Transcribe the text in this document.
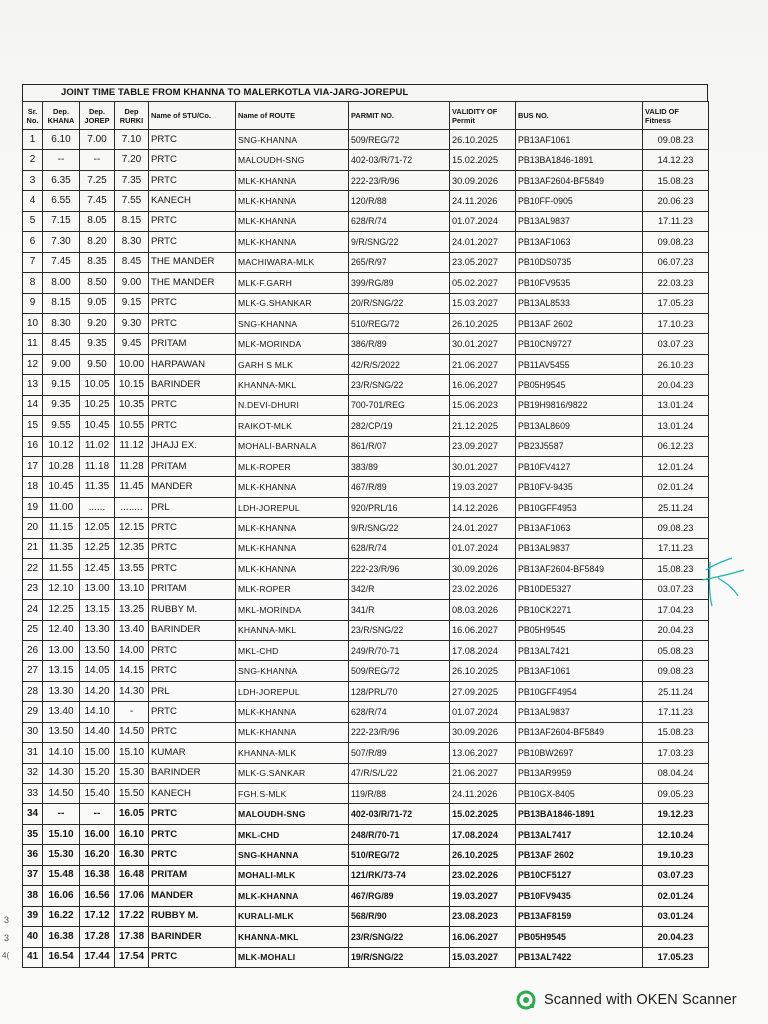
JOINT TIME TABLE FROM KHANNA TO MALERKOTLA VIA-JARG-JOREPUL
Sr. No.	Dep. KHANA	Dep. JOREP	Dep RURKI	Name of STU/Co.	Name of ROUTE	PARMIT NO.	VALIDITY OF Permit	BUS NO.	VALID OF Fitness
1	6.10	7.00	7.10	PRTC	SNG-KHANNA	509/REG/72	26.10.2025	PB13AF1061	09.08.23
2	--	--	7.20	PRTC	MALOUDH-SNG	402-03/R/71-72	15.02.2025	PB13BA1846-1891	14.12.23
3	6.35	7.25	7.35	PRTC	MLK-KHANNA	222-23/R/96	30.09.2026	PB13AF2604-BF5849	15.08.23
4	6.55	7.45	7.55	KANECH	MLK-KHANNA	120/R/88	24.11.2026	PB10FF-0905	20.06.23
5	7.15	8.05	8.15	PRTC	MLK-KHANNA	628/R/74	01.07.2024	PB13AL9837	17.11.23
6	7.30	8.20	8.30	PRTC	MLK-KHANNA	9/R/SNG/22	24.01.2027	PB13AF1063	09.08.23
7	7.45	8.35	8.45	THE MANDER	MACHIWARA-MLK	265/R/97	23.05.2027	PB10DS0735	06.07.23
8	8.00	8.50	9.00	THE MANDER	MLK-F.GARH	399/RG/89	05.02.2027	PB10FV9535	22.03.23
9	8.15	9.05	9.15	PRTC	MLK-G.SHANKAR	20/R/SNG/22	15.03.2027	PB13AL8533	17.05.23
10	8.30	9.20	9.30	PRTC	SNG-KHANNA	510/REG/72	26.10.2025	PB13AF 2602	17.10.23
11	8.45	9.35	9.45	PRITAM	MLK-MORINDA	386/R/89	30.01.2027	PB10CN9727	03.07.23
12	9.00	9.50	10.00	HARPAWAN	GARH S MLK	42/R/S/2022	21.06.2027	PB11AV5455	26.10.23
13	9.15	10.05	10.15	BARINDER	KHANNA-MKL	23/R/SNG/22	16.06.2027	PB05H9545	20.04.23
14	9.35	10.25	10.35	PRTC	N.DEVI-DHURI	700-701/REG	15.06.2023	PB19H9816/9822	13.01.24
15	9.55	10.45	10.55	PRTC	RAIKOT-MLK	282/CP/19	21.12.2025	PB13AL8609	13.01.24
16	10.12	11.02	11.12	JHAJJ EX.	MOHALI-BARNALA	861/R/07	23.09.2027	PB23J5587	06.12.23
17	10.28	11.18	11.28	PRITAM	MLK-ROPER	383/89	30.01.2027	PB10FV4127	12.01.24
18	10.45	11.35	11.45	MANDER	MLK-KHANNA	467/R/89	19.03.2027	PB10FV-9435	02.01.24
19	11.00	......	........	PRL	LDH-JOREPUL	920/PRL/16	14.12.2026	PB10GFF4953	25.11.24
20	11.15	12.05	12.15	PRTC	MLK-KHANNA	9/R/SNG/22	24.01.2027	PB13AF1063	09.08.23
21	11.35	12.25	12.35	PRTC	MLK-KHANNA	628/R/74	01.07.2024	PB13AL9837	17.11.23
22	11.55	12.45	13.55	PRTC	MLK-KHANNA	222-23/R/96	30.09.2026	PB13AF2604-BF5849	15.08.23
23	12.10	13.00	13.10	PRITAM	MLK-ROPER	342/R	23.02.2026	PB10DE5327	03.07.23
24	12.25	13.15	13.25	RUBBY M.	MKL-MORINDA	341/R	08.03.2026	PB10CK2271	17.04.23
25	12.40	13.30	13.40	BARINDER	KHANNA-MKL	23/R/SNG/22	16.06.2027	PB05H9545	20.04.23
26	13.00	13.50	14.00	PRTC	MKL-CHD	249/R/70-71	17.08.2024	PB13AL7421	05.08.23
27	13.15	14.05	14.15	PRTC	SNG-KHANNA	509/REG/72	26.10.2025	PB13AF1061	09.08.23
28	13.30	14.20	14.30	PRL	LDH-JOREPUL	128/PRL/70	27.09.2025	PB10GFF4954	25.11.24
29	13.40	14.10	-	PRTC	MLK-KHANNA	628/R/74	01.07.2024	PB13AL9837	17.11.23
30	13.50	14.40	14.50	PRTC	MLK-KHANNA	222-23/R/96	30.09.2026	PB13AF2604-BF5849	15.08.23
31	14.10	15.00	15.10	KUMAR	KHANNA-MLK	507/R/89	13.06.2027	PB10BW2697	17.03.23
32	14.30	15.20	15.30	BARINDER	MLK-G.SANKAR	47/R/S/L/22	21.06.2027	PB13AR9959	08.04.24
33	14.50	15.40	15.50	KANECH	FGH.S-MLK	119/R/88	24.11.2026	PB10GX-8405	09.05.23
34	--	--	16.05	PRTC	MALOUDH-SNG	402-03/R/71-72	15.02.2025	PB13BA1846-1891	19.12.23
35	15.10	16.00	16.10	PRTC	MKL-CHD	248/R/70-71	17.08.2024	PB13AL7417	12.10.24
36	15.30	16.20	16.30	PRTC	SNG-KHANNA	510/REG/72	26.10.2025	PB13AF 2602	19.10.23
37	15.48	16.38	16.48	PRITAM	MOHALI-MLK	121/RK/73-74	23.02.2026	PB10CF5127	03.07.23
38	16.06	16.56	17.06	MANDER	MLK-KHANNA	467/RG/89	19.03.2027	PB10FV9435	02.01.24
39	16.22	17.12	17.22	RUBBY M.	KURALI-MLK	568/R/90	23.08.2023	PB13AF8159	03.01.24
40	16.38	17.28	17.38	BARINDER	KHANNA-MKL	23/R/SNG/22	16.06.2027	PB05H9545	20.04.23
41	16.54	17.44	17.54	PRTC	MLK-MOHALI	19/R/SNG/22	15.03.2027	PB13AL7422	17.05.23
3
3
4(
Scanned with OKEN Scanner
